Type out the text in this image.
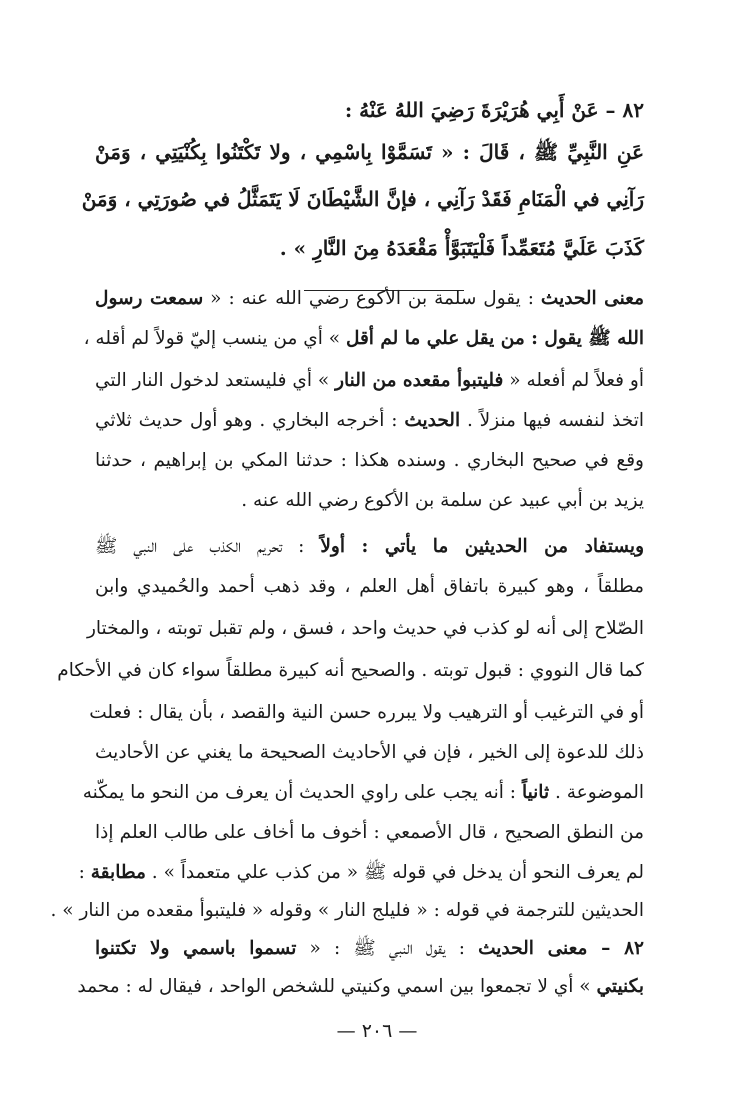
٨٢ – عَنْ أَبِي هُرَيْرَةَ رَضِيَ اللهُ عَنْهُ :
عَنِ النَّبِيِّ ﷺ ، قَالَ : « تَسَمَّوْا بِاسْمِي ، ولا تَكْتَنُوا بِكُنْيَتِي ، وَمَنْ
رَآنِي في الْمَنَامِ فَقَدْ رَآنِي ، فإنَّ الشَّيْطَانَ لَا يَتَمَثَّلُ في صُورَتِي ، وَمَنْ
كَذَبَ عَلَيَّ مُتَعَمِّداً فَلْيَتَبَوَّأْ مَقْعَدَهُ مِنَ النَّارِ » .
معنى الحديث : يقول سلمة بن الأكوع رضي الله عنه : « سمعت رسول
الله ﷺ يقول : من يقل علي ما لم أقل » أي من ينسب إليّ قولاً لم أقله ،
أو فعلاً لم أفعله « فليتبوأ مقعده من النار » أي فليستعد لدخول النار التي
اتخذ لنفسه فيها منزلاً . الحديث : أخرجه البخاري . وهو أول حديث ثلاثي
وقع في صحيح البخاري . وسنده هكذا : حدثنا المكي بن إبراهيم ، حدثنا
يزيد بن أبي عبيد عن سلمة بن الأكوع رضي الله عنه .
ويستفاد من الحديثين ما يأتي : أولاً : تحريم الكذب على النبي ﷺ
مطلقاً ، وهو كبيرة باتفاق أهل العلم ، وقد ذهب أحمد والحُميدي وابن
الصّلاح إلى أنه لو كذب في حديث واحد ، فسق ، ولم تقبل توبته ، والمختار
كما قال النووي : قبول توبته . والصحيح أنه كبيرة مطلقاً سواء كان في الأحكام
أو في الترغيب أو الترهيب ولا يبرره حسن النية والقصد ، بأن يقال : فعلت
ذلك للدعوة إلى الخير ، فإن في الأحاديث الصحيحة ما يغني عن الأحاديث
الموضوعة . ثانياً : أنه يجب على راوي الحديث أن يعرف من النحو ما يمكّنه
من النطق الصحيح ، قال الأصمعي : أخوف ما أخاف على طالب العلم إذا
لم يعرف النحو أن يدخل في قوله ﷺ « من كذب علي متعمداً » . مطابقة :
الحديثين للترجمة في قوله : « فليلج النار » وقوله « فليتبوأ مقعده من النار » .
٨٢ – معنى الحديث : يقول النبي ﷺ : « تسموا باسمي ولا تكتنوا
بكنيتي » أي لا تجمعوا بين اسمي وكنيتي للشخص الواحد ، فيقال له : محمد
— ٢٠٦ —
